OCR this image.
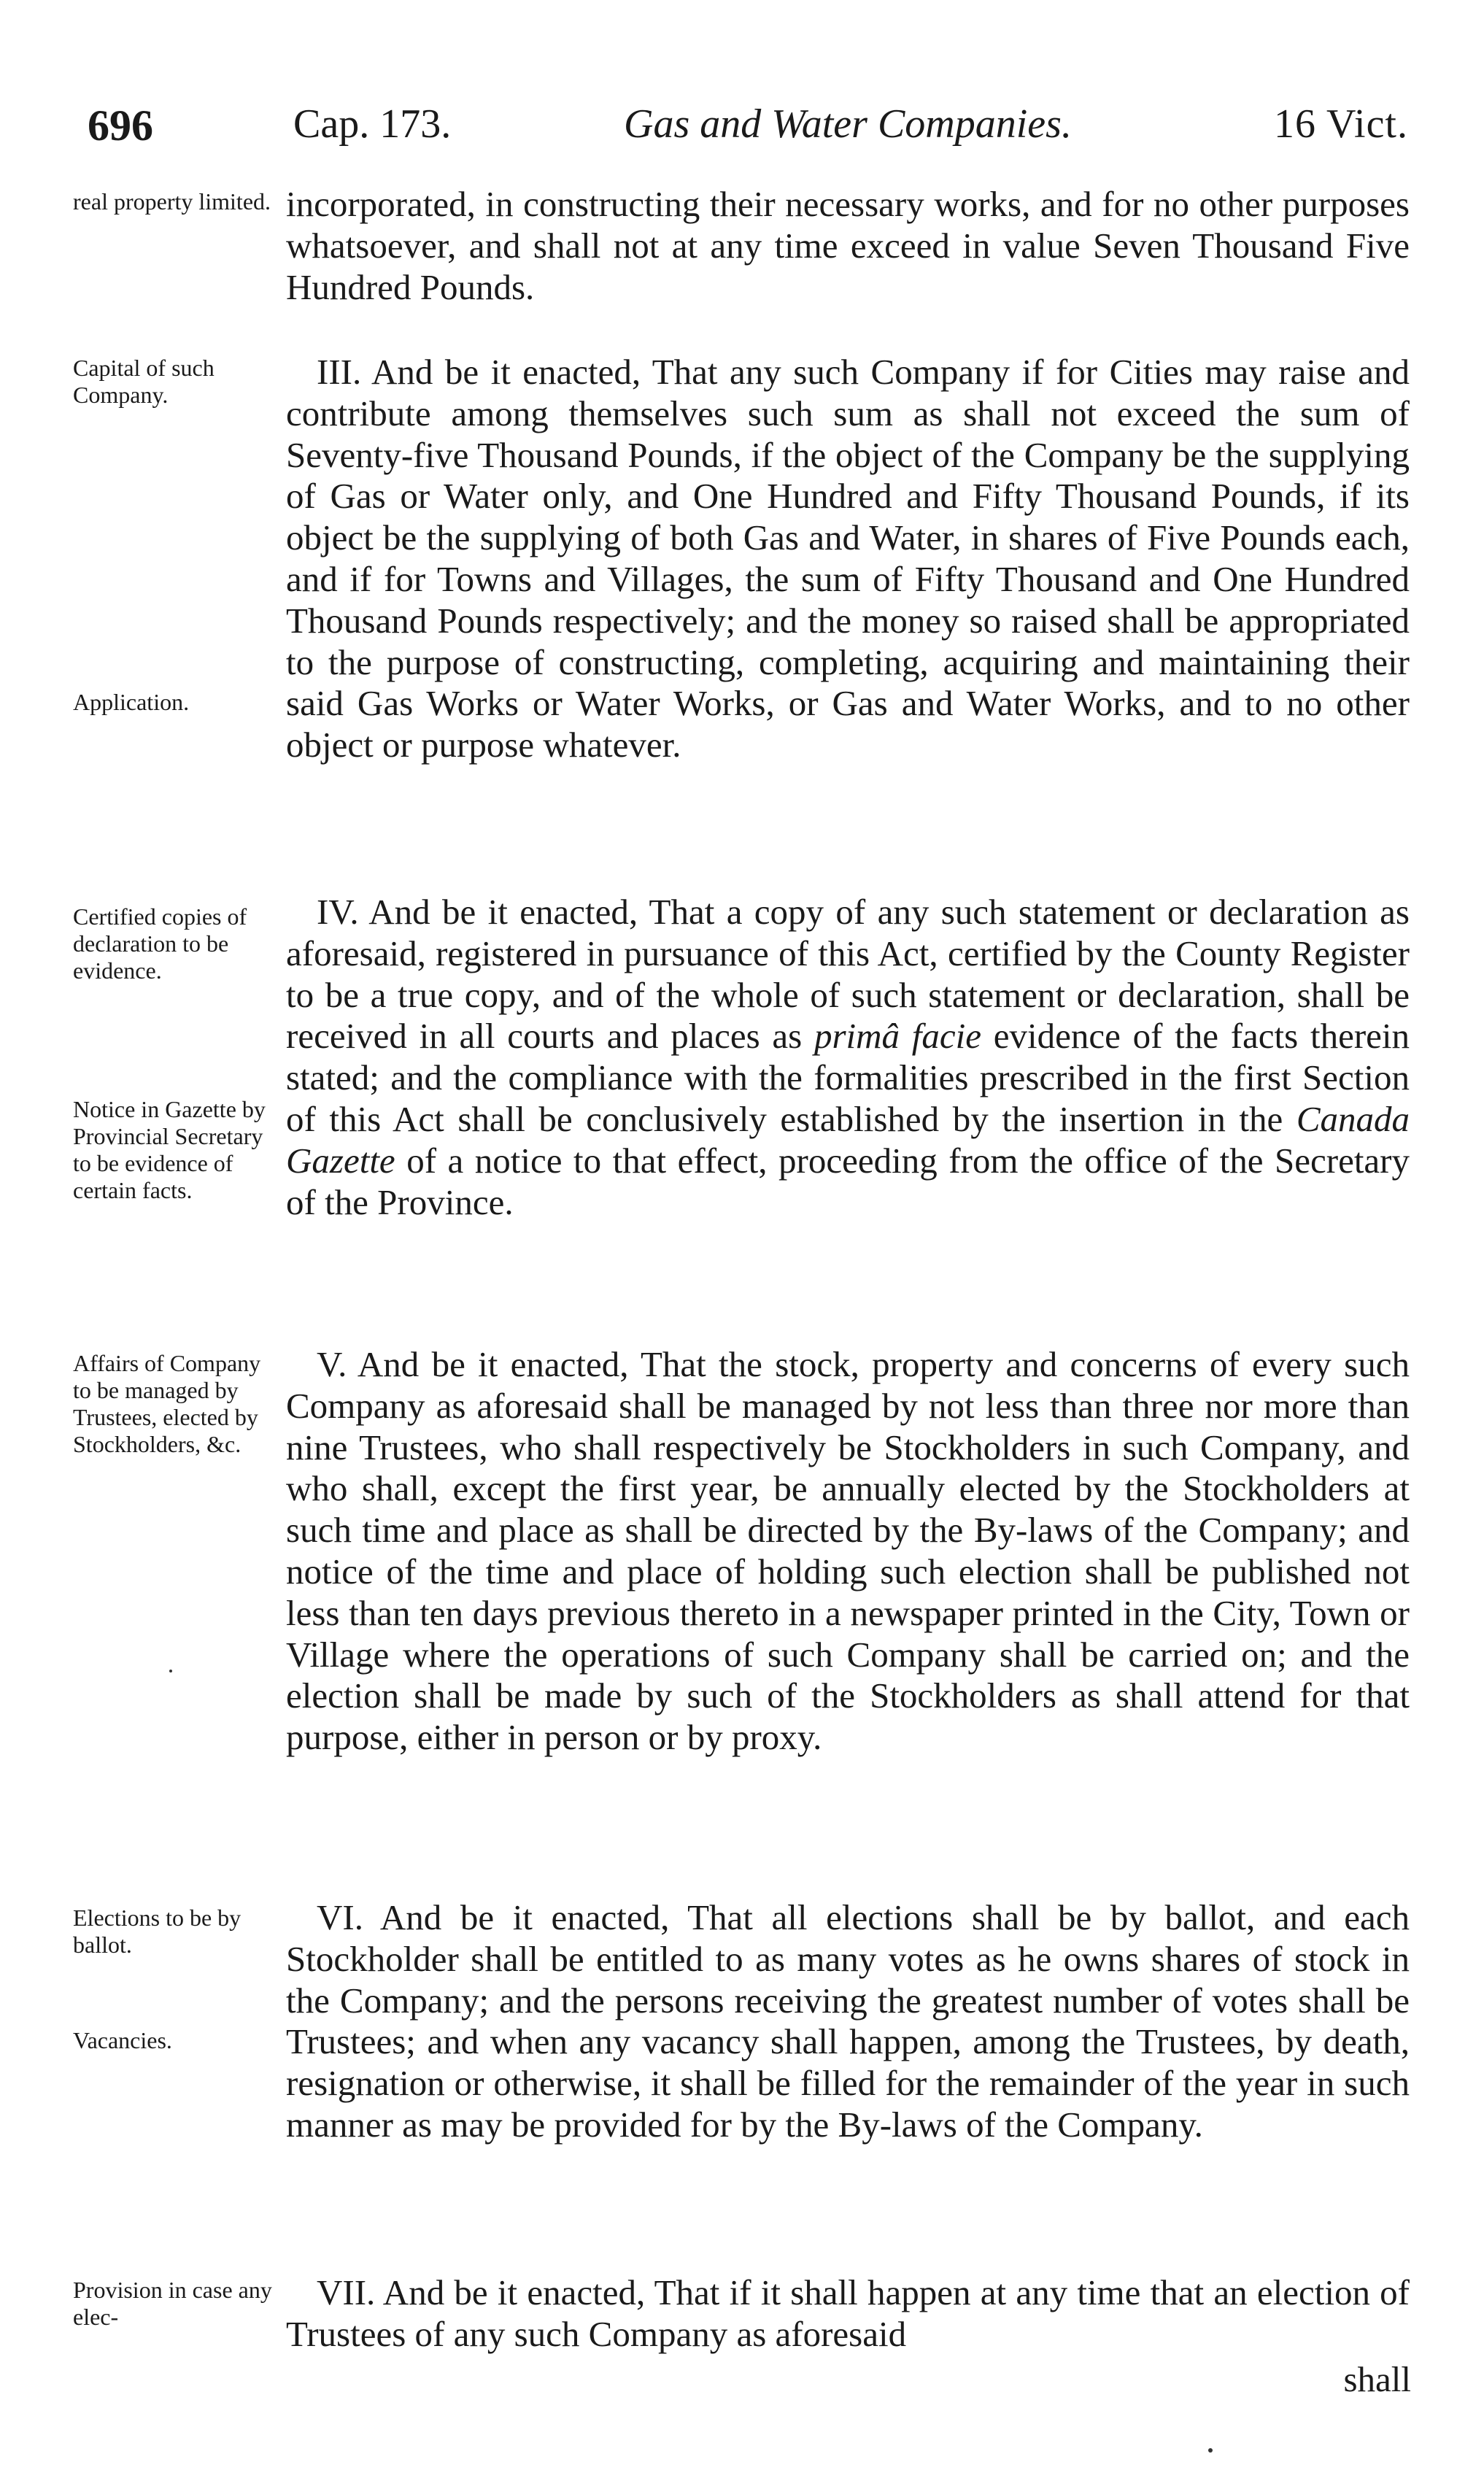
696	Cap. 173.	Gas and Water Companies.	16 Vict.
real property limited.
Capital of such Company.
Application.
Certified copies of declaration to be evidence.
Notice in Gazette by Provincial Secretary to be evidence of certain facts.
Affairs of Company to be managed by Trustees, elected by Stockholders, &c.
Elections to be by ballot.
Vacancies.
Provision in case any elec-
incorporated, in constructing their necessary works, and for no other purposes whatsoever, and shall not at any time exceed in value Seven Thousand Five Hundred Pounds.
III. And be it enacted, That any such Company if for Cities may raise and contribute among themselves such sum as shall not exceed the sum of Seventy-five Thousand Pounds, if the object of the Company be the supplying of Gas or Water only, and One Hundred and Fifty Thousand Pounds, if its object be the supplying of both Gas and Water, in shares of Five Pounds each, and if for Towns and Villages, the sum of Fifty Thousand and One Hundred Thousand Pounds respectively; and the money so raised shall be appropriated to the purpose of constructing, completing, acquiring and maintaining their said Gas Works or Water Works, or Gas and Water Works, and to no other object or purpose whatever.
IV. And be it enacted, That a copy of any such statement or declaration as aforesaid, registered in pursuance of this Act, certified by the County Register to be a true copy, and of the whole of such statement or declaration, shall be received in all courts and places as primâ facie evidence of the facts therein stated; and the compliance with the formalities prescribed in the first Section of this Act shall be conclusively established by the insertion in the Canada Gazette of a notice to that effect, proceeding from the office of the Secretary of the Province.
V. And be it enacted, That the stock, property and concerns of every such Company as aforesaid shall be managed by not less than three nor more than nine Trustees, who shall respectively be Stockholders in such Company, and who shall, except the first year, be annually elected by the Stockholders at such time and place as shall be directed by the By-laws of the Company; and notice of the time and place of holding such election shall be published not less than ten days previous thereto in a newspaper printed in the City, Town or Village where the operations of such Company shall be carried on; and the election shall be made by such of the Stockholders as shall attend for that purpose, either in person or by proxy.
VI. And be it enacted, That all elections shall be by ballot, and each Stockholder shall be entitled to as many votes as he owns shares of stock in the Company; and the persons receiving the greatest number of votes shall be Trustees; and when any vacancy shall happen, among the Trustees, by death, resignation or otherwise, it shall be filled for the remainder of the year in such manner as may be provided for by the By-laws of the Company.
VII. And be it enacted, That if it shall happen at any time that an election of Trustees of any such Company as aforesaid
shall
